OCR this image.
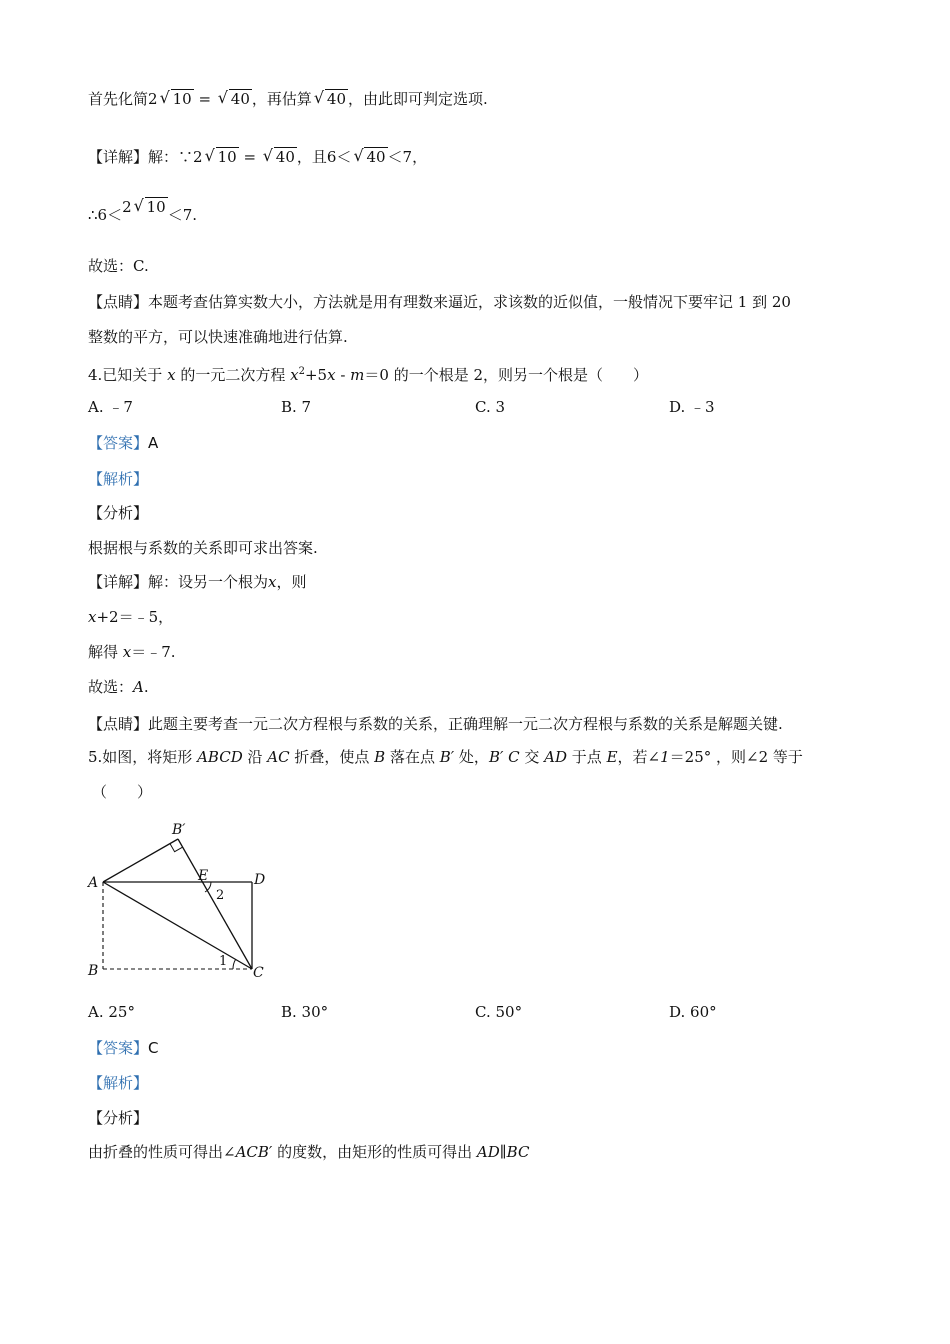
首先化简2 √ 10 = √ 40 ，再估算 √ 40 ，由此即可判定选项.
【详解】解：∵2 √ 10 = √ 40 ，且6＜ √ 40 ＜7，
∴6＜2 √ 10 ＜7.
故选：C.
【点睛】本题考查估算实数大小，方法就是用有理数来逼近，求该数的近似值，一般情况下要牢记 1 到 20
整数的平方，可以快速准确地进行估算.
4.已知关于 x 的一元二次方程 $x^2+5x - m=0$ 的一个根是 2，则另一个根是（　　）
A. ﹣7	B. 7	C. 3	D. ﹣3
【答案】A
【解析】
【分析】
根据根与系数的关系即可求出答案.
【详解】解：设另一个根为x，则
x+2＝﹣5，
解得 x＝﹣7.
故选：A.
【点睛】此题主要考查一元二次方程根与系数的关系，正确理解一元二次方程根与系数的关系是解题关键.
5.如图，将矩形 ABCD 沿 AC 折叠，使点 B 落在点 B′ 处，B′ C 交 AD 于点 E，若∠1＝25° ，则∠2 等于
（　　）
A
B	C
D
E
B′
1
2
A. 25°	B. 30°	C. 50°	D. 60°
【答案】C
【解析】
【分析】
由折叠的性质可得出∠ACB′ 的度数，由矩形的性质可得出 AD∥BC
